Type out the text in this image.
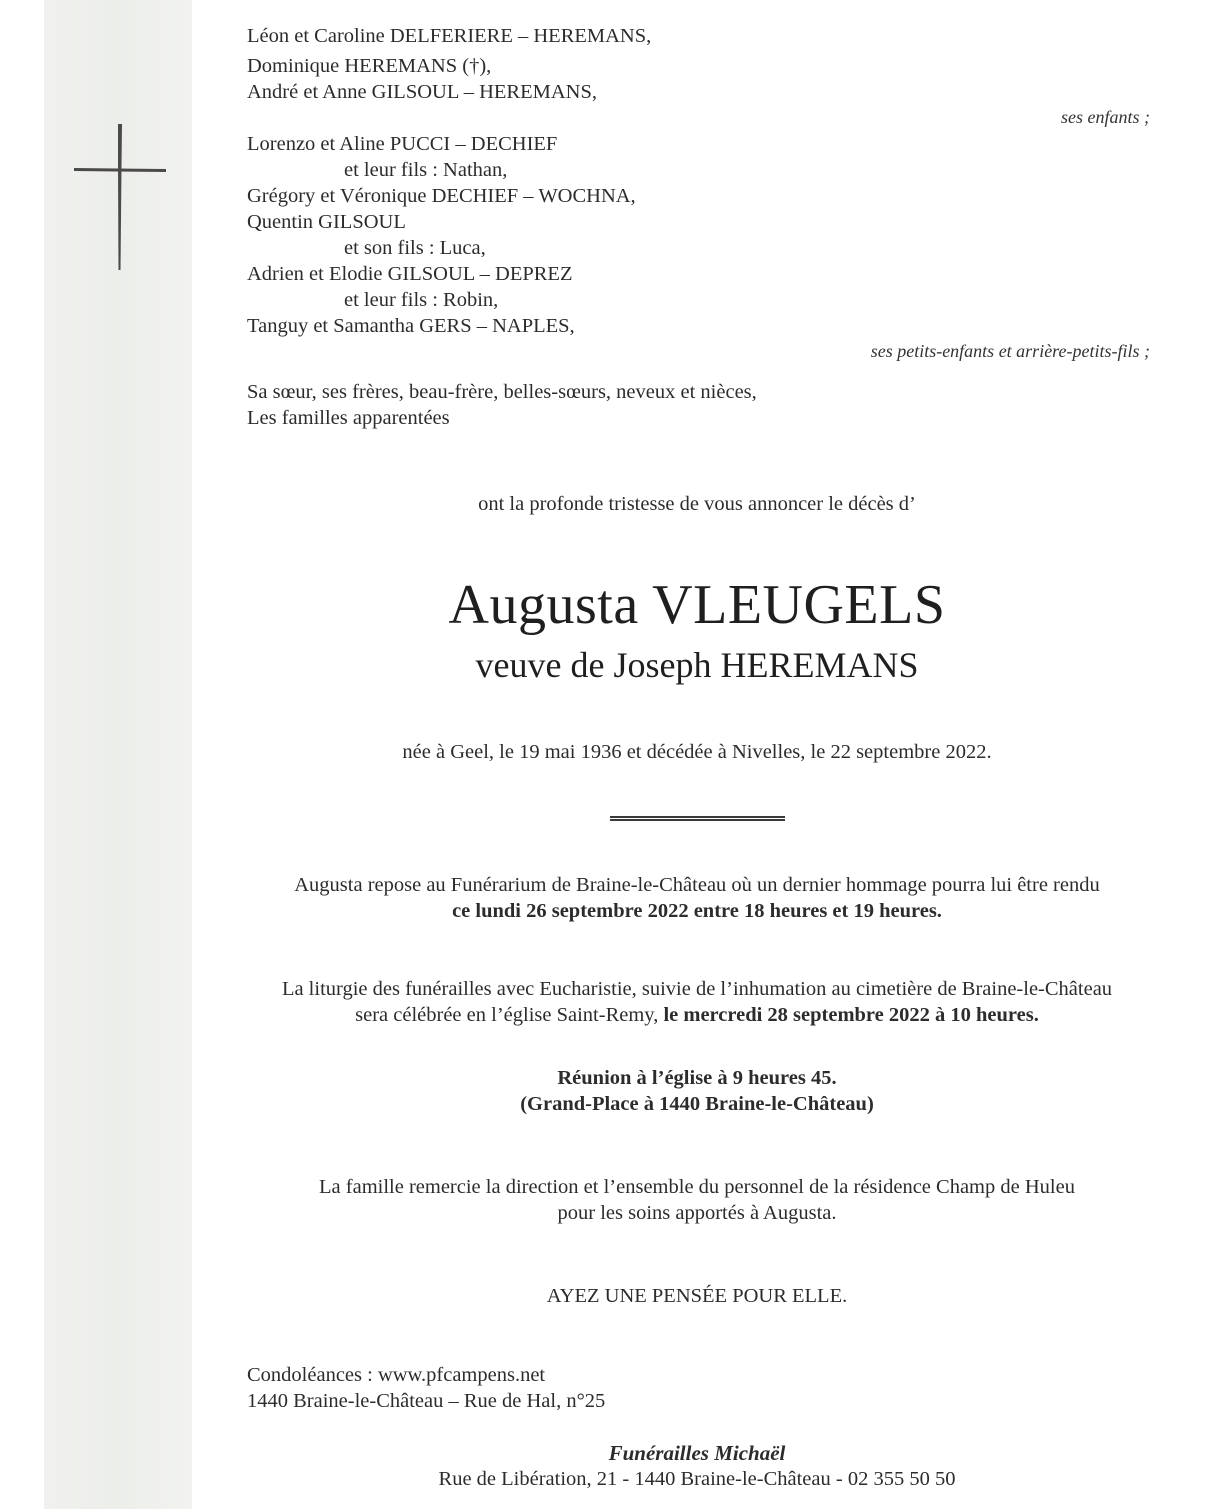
Léon et Caroline DELFERIERE – HEREMANS,
Dominique HEREMANS (†),
André et Anne GILSOUL – HEREMANS,
ses enfants ;
Lorenzo et Aline PUCCI – DECHIEF
et leur fils : Nathan,
Grégory et Véronique DECHIEF – WOCHNA,
Quentin GILSOUL
et son fils : Luca,
Adrien et Elodie GILSOUL – DEPREZ
et leur fils : Robin,
Tanguy et Samantha GERS – NAPLES,
ses petits-enfants et arrière-petits-fils ;
Sa sœur, ses frères, beau-frère, belles-sœurs, neveux et nièces,
Les familles apparentées
ont la profonde tristesse de vous annoncer le décès d’
Augusta VLEUGELS
veuve de Joseph HEREMANS
née à Geel, le 19 mai 1936 et décédée à Nivelles, le 22 septembre 2022.
Augusta repose au Funérarium de Braine-le-Château où un dernier hommage pourra lui être rendu
ce lundi 26 septembre 2022 entre 18 heures et 19 heures.
La liturgie des funérailles avec Eucharistie, suivie de l’inhumation au cimetière de Braine-le-Château
sera célébrée en l’église Saint-Remy, le mercredi 28 septembre 2022 à 10 heures.
Réunion à l’église à 9 heures 45.
(Grand-Place à 1440 Braine-le-Château)
La famille remercie la direction et l’ensemble du personnel de la résidence Champ de Huleu
pour les soins apportés à Augusta.
AYEZ UNE PENSÉE POUR ELLE.
Condoléances : www.pfcampens.net
1440 Braine-le-Château – Rue de Hal, n°25
Funérailles Michaël
Rue de Libération, 21 - 1440 Braine-le-Château - 02 355 50 50
